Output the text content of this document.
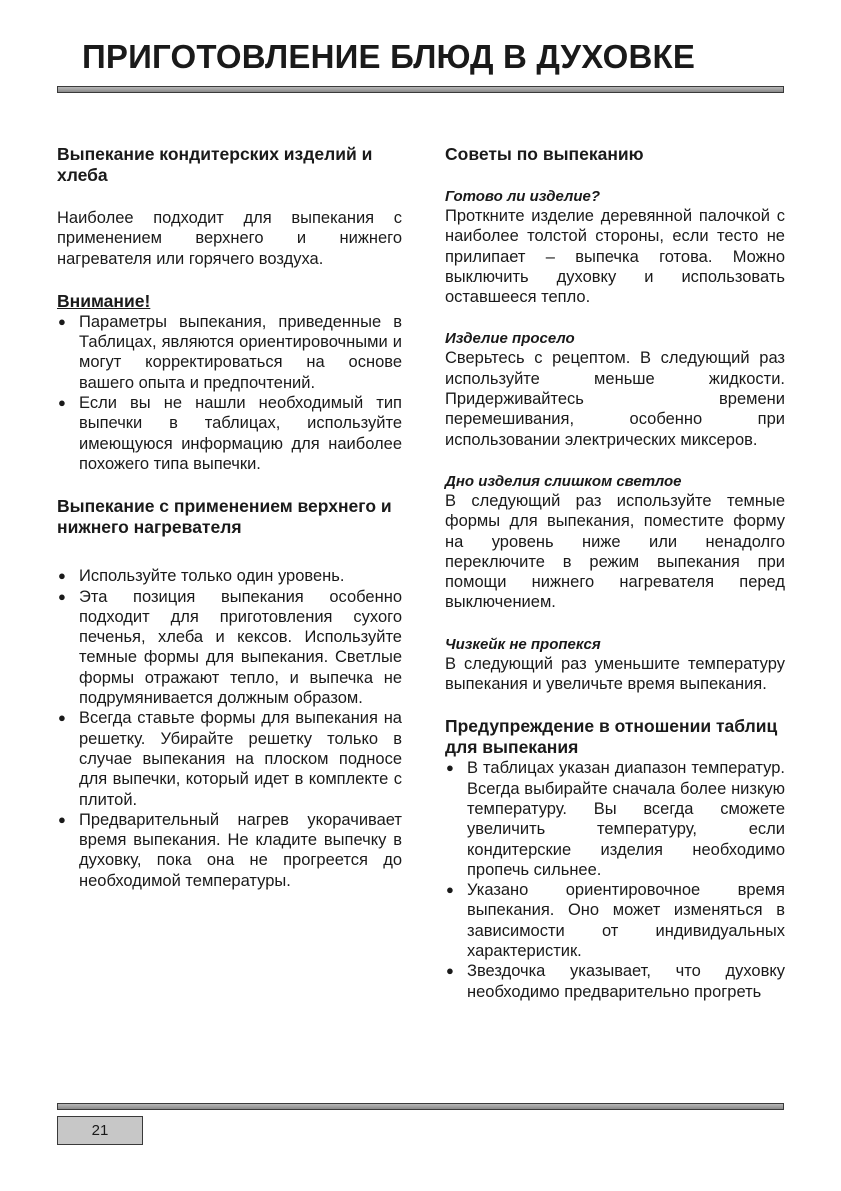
ПРИГОТОВЛЕНИЕ БЛЮД В ДУХОВКЕ
Выпекание кондитерских изделий и хлеба

Наиболее подходит для выпекания с применением верхнего и нижнего нагревателя или горячего воздуха.

Внимание!
● Параметры выпекания, приведенные в Таблицах, являются ориентировочными и могут корректироваться на основе вашего опыта и предпочтений.
● Если вы не нашли необходимый тип выпечки в таблицах, используйте имеющуюся информацию для наиболее похожего типа выпечки.
Выпекание с применением верхнего и нижнего нагревателя
● Используйте только один уровень.
● Эта позиция выпекания особенно подходит для приготовления сухого печенья, хлеба и кексов. Используйте темные формы для выпекания. Светлые формы отражают тепло, и выпечка не подрумянивается должным образом.
● Всегда ставьте формы для выпекания на решетку. Убирайте решетку только в случае выпекания на плоском подносе для выпечки, который идет в комплекте с плитой.
● Предварительный нагрев укорачивает время выпекания. Не кладите выпечку в духовку, пока она не прогреется до необходимой температуры.
Советы по выпеканию
Готово ли изделие?

Проткните изделие деревянной палочкой с наиболее толстой стороны, если тесто не прилипает – выпечка готова. Можно выключить духовку и использовать оставшееся тепло.

Изделие просело

Сверьтесь с рецептом. В следующий раз используйте меньше жидкости. Придерживайтесь времени перемешивания, особенно при использовании электрических миксеров.

Дно изделия слишком светлое

В следующий раз используйте темные формы для выпекания, поместите форму на уровень ниже или ненадолго переключите в режим выпекания при помощи нижнего нагревателя перед выключением.

Чизкейк не пропекся

В следующий раз уменьшите температуру выпекания и увеличьте время выпекания.

Предупреждение в отношении таблиц для выпекания
● В таблицах указан диапазон температур. Всегда выбирайте сначала более низкую температуру. Вы всегда сможете увеличить температуру, если кондитерские изделия необходимо пропечь сильнее.
● Указано ориентировочное время выпекания. Оно может изменяться в зависимости от индивидуальных характеристик.
● Звездочка указывает, что духовку необходимо предварительно прогреть
21
